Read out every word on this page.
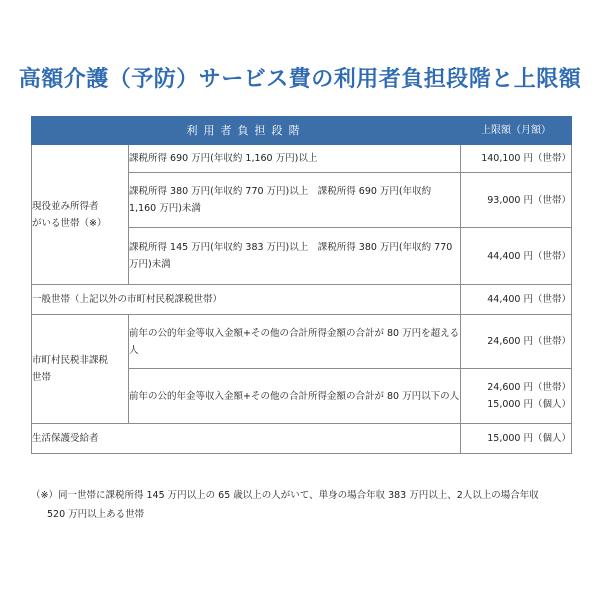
高額介護（予防）サービス費の利用者負担段階と上限額
利用者負担段階		上限額（月額）
現役並み所得者
がいる世帯（※）	課税所得 690 万円(年収約 1,160 万円)以上	140,100 円（世帯）
	課税所得 380 万円(年収約 770 万円)以上　課税所得 690 万円(年収約 1,160 万円)未満	93,000 円（世帯）
	課税所得 145 万円(年収約 383 万円)以上　課税所得 380 万円(年収約 770 万円)未満	44,400 円（世帯）
一般世帯（上記以外の市町村民税課税世帯）		44,400 円（世帯）
市町村民税非課税
世帯	前年の公的年金等収入金額+その他の合計所得金額の合計が 80 万円を超える人	24,600 円（世帯）
	前年の公的年金等収入金額+その他の合計所得金額の合計が 80 万円以下の人	24,600 円（世帯）
15,000 円（個人）
生活保護受給者		15,000 円（個人）
（※）同一世帯に課税所得 145 万円以上の 65 歳以上の人がいて、単身の場合年収 383 万円以上、2人以上の場合年収
520 万円以上ある世帯
